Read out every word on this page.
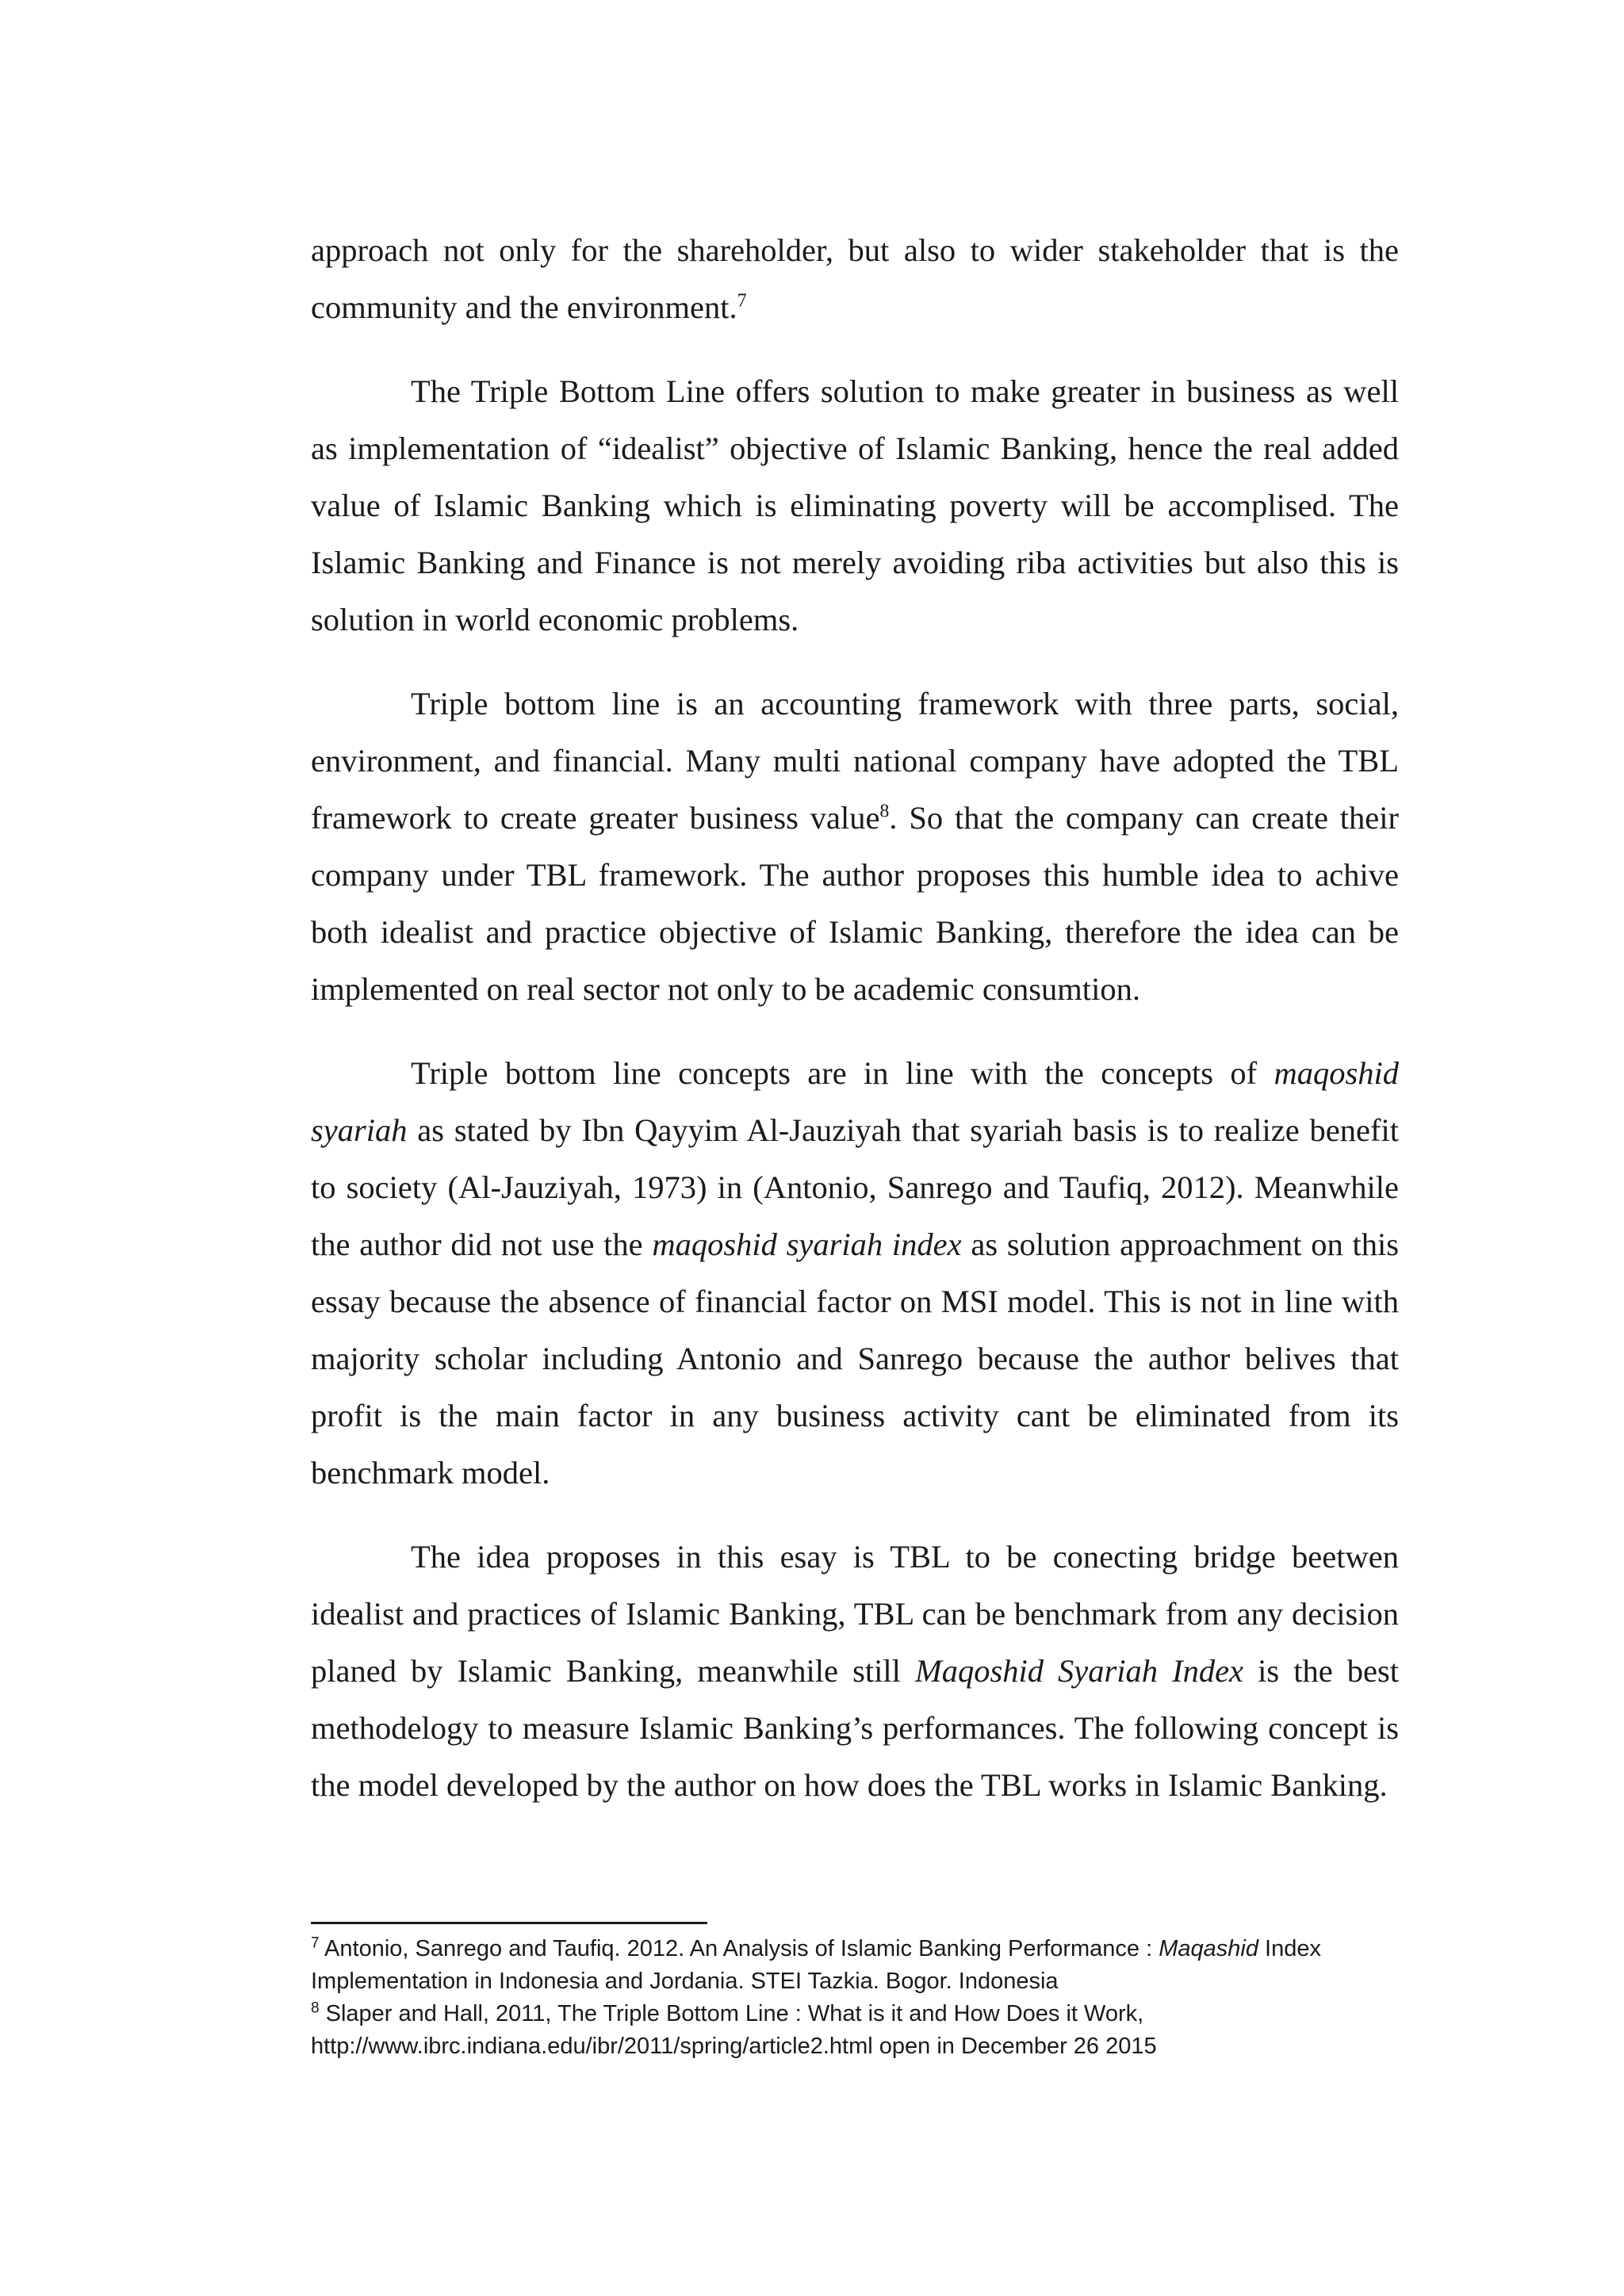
approach not only for the shareholder, but also to wider stakeholder that is the community and the environment.$^7$

The Triple Bottom Line offers solution to make greater in business as well as implementation of “idealist” objective of Islamic Banking, hence the real added value of Islamic Banking which is eliminating poverty will be accomplised. The Islamic Banking and Finance is not merely avoiding riba activities but also this is solution in world economic problems.

Triple bottom line is an accounting framework with three parts, social, environment, and financial. Many multi national company have adopted the TBL framework to create greater business value$^8$. So that the company can create their company under TBL framework. The author proposes this humble idea to achive both idealist and practice objective of Islamic Banking, therefore the idea can be implemented on real sector not only to be academic consumtion.

Triple bottom line concepts are in line with the concepts of maqoshid syariah as stated by Ibn Qayyim Al-Jauziyah that syariah basis is to realize benefit to society (Al-Jauziyah, 1973) in (Antonio, Sanrego and Taufiq, 2012). Meanwhile the author did not use the maqoshid syariah index as solution approachment on this essay because the absence of financial factor on MSI model. This is not in line with majority scholar including Antonio and Sanrego because the author belives that profit is the main factor in any business activity cant be eliminated from its benchmark model.

The idea proposes in this esay is TBL to be conecting bridge beetwen idealist and practices of Islamic Banking, TBL can be benchmark from any decision planed by Islamic Banking, meanwhile still Maqoshid Syariah Index is the best methodelogy to measure Islamic Banking’s performances. The following concept is the model developed by the author on how does the TBL works in Islamic Banking.

$^7$ Antonio, Sanrego and Taufiq. 2012. An Analysis of Islamic Banking Performance : Maqashid Index Implementation in Indonesia and Jordania. STEI Tazkia. Bogor. Indonesia

$^8$ Slaper and Hall, 2011, The Triple Bottom Line : What is it and How Does it Work, http://www.ibrc.indiana.edu/ibr/2011/spring/article2.html open in December 26 2015
